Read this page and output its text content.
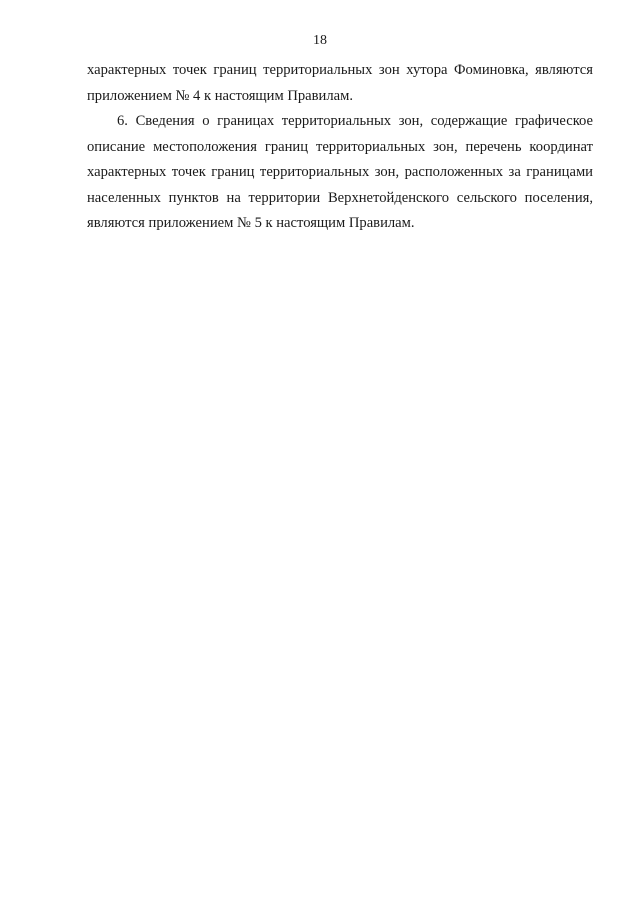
18

характерных точек границ территориальных зон хутора Фоминовка, являются приложением № 4 к настоящим Правилам.

6. Сведения о границах территориальных зон, содержащие графическое описание местоположения границ территориальных зон, перечень координат характерных точек границ территориальных зон, расположенных за границами населенных пунктов на территории Верхнетойденского сельского поселения, являются приложением № 5 к настоящим Правилам.
